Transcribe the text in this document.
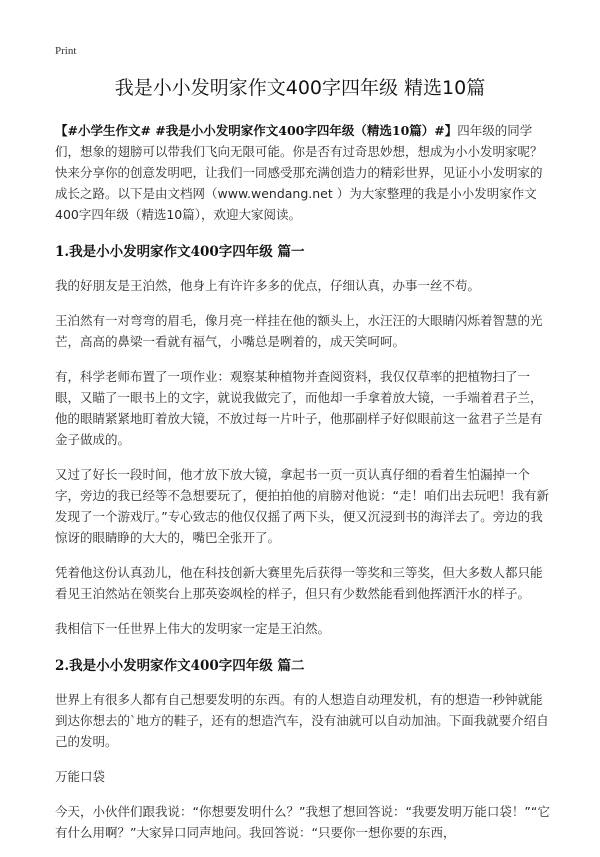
Print
我是小小发明家作文400字四年级 精选10篇

【#小学生作文# #我是小小发明家作文400字四年级（精选10篇）#】四年级的同学们，想象的翅膀可以带我们飞向无限可能。你是否有过奇思妙想，想成为小小发明家呢？快来分享你的创意发明吧，让我们一同感受那充满创造力的精彩世界，见证小小发明家的成长之路。以下是由文档网（www.wendang.net ）为大家整理的我是小小发明家作文400字四年级（精选10篇），欢迎大家阅读。

1.我是小小发明家作文400字四年级 篇一

我的好朋友是王泊然，他身上有许许多多的优点，仔细认真，办事一丝不苟。

王泊然有一对弯弯的眉毛，像月亮一样挂在他的额头上，水汪汪的大眼睛闪烁着智慧的光芒，高高的鼻梁一看就有福气，小嘴总是咧着的，成天笑呵呵。

有，科学老师布置了一项作业：观察某种植物并查阅资料，我仅仅草率的把植物扫了一眼，又瞄了一眼书上的文字，就说我做完了，而他却一手拿着放大镜，一手端着君子兰，他的眼睛紧紧地盯着放大镜，不放过每一片叶子，他那副样子好似眼前这一盆君子兰是有金子做成的。

又过了好长一段时间，他才放下放大镜，拿起书一页一页认真仔细的看着生怕漏掉一个字，旁边的我已经等不急想要玩了，便拍拍他的肩膀对他说：“走！咱们出去玩吧！我有新发现了一个游戏厅。”专心致志的他仅仅摇了两下头，便又沉浸到书的海洋去了。旁边的我惊讶的眼睛睁的大大的，嘴巴全张开了。

凭着他这份认真劲儿，他在科技创新大赛里先后获得一等奖和三等奖，但大多数人都只能看见王泊然站在领奖台上那英姿飒栓的样子，但只有少数然能看到他挥洒汗水的样子。

我相信下一任世界上伟大的发明家一定是王泊然。

2.我是小小发明家作文400字四年级 篇二

世界上有很多人都有自己想要发明的东西。有的人想造自动理发机，有的想造一秒钟就能到达你想去的`地方的鞋子，还有的想造汽车，没有油就可以自动加油。下面我就要介绍自己的发明。

万能口袋

今天，小伙伴们跟我说：“你想要发明什么？”我想了想回答说：“我要发明万能口袋！”“它有什么用啊？”大家异口同声地问。我回答说：“只要你一想你要的东西，
